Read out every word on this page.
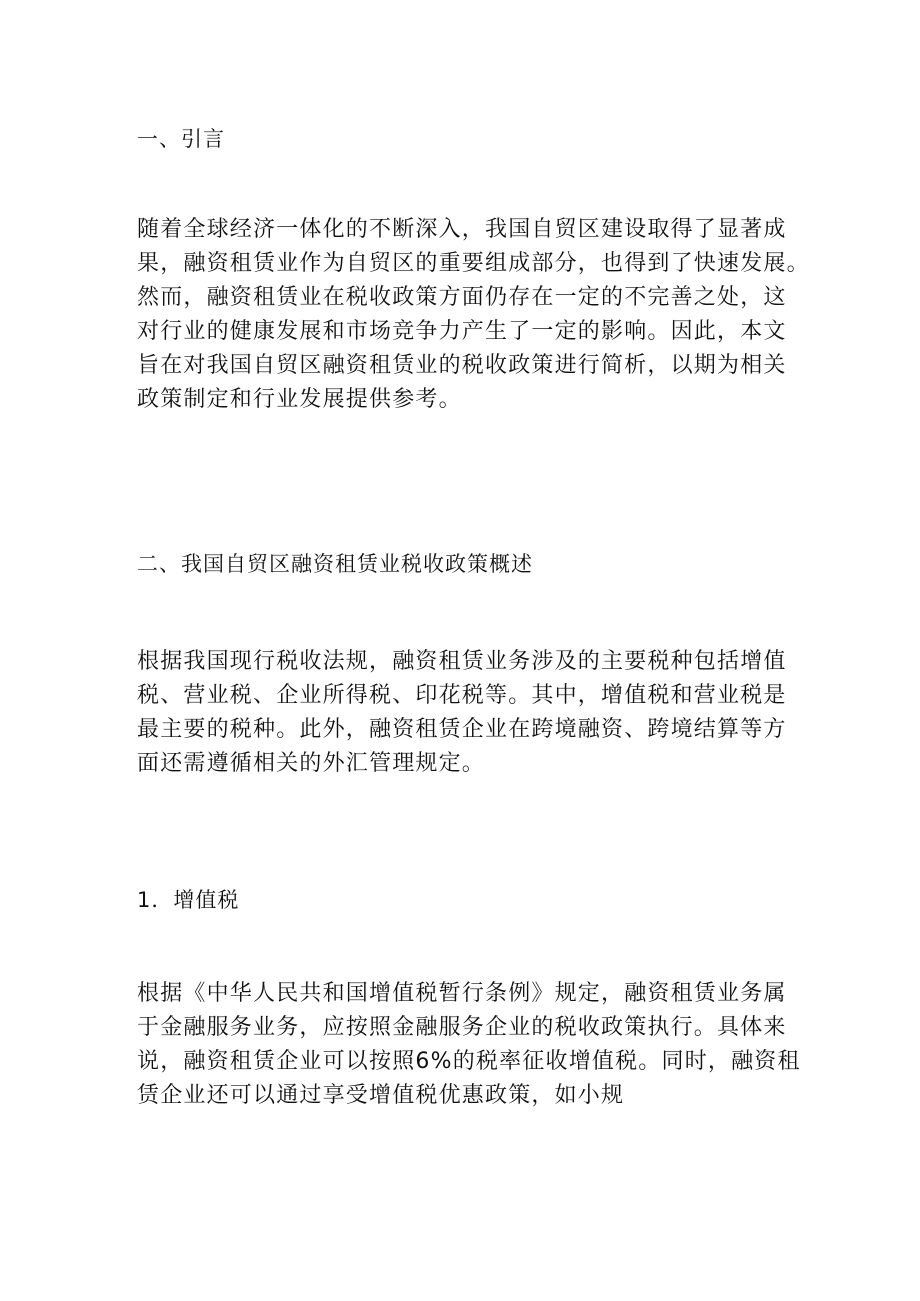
一、引言
随着全球经济一体化的不断深入，我国自贸区建设取得了显著成
果，融资租赁业作为自贸区的重要组成部分，也得到了快速发展。
然而，融资租赁业在税收政策方面仍存在一定的不完善之处，这
对行业的健康发展和市场竞争力产生了一定的影响。因此，本文
旨在对我国自贸区融资租赁业的税收政策进行简析，以期为相关
政策制定和行业发展提供参考。
二、我国自贸区融资租赁业税收政策概述
根据我国现行税收法规，融资租赁业务涉及的主要税种包括增值
税、营业税、企业所得税、印花税等。其中，增值税和营业税是
最主要的税种。此外，融资租赁企业在跨境融资、跨境结算等方
面还需遵循相关的外汇管理规定。
1．增值税
根据《中华人民共和国增值税暂行条例》规定，融资租赁业务属
于金融服务业务，应按照金融服务企业的税收政策执行。具体来
说，融资租赁企业可以按照6%的税率征收增值税。同时，融资租
赁企业还可以通过享受增值税优惠政策，如小规
